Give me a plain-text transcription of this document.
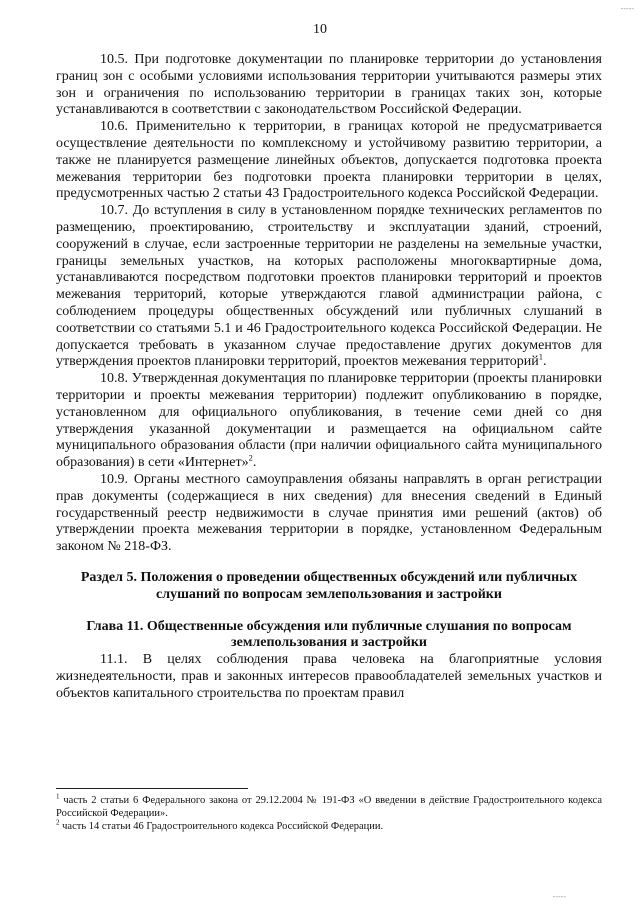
-----
10

10.5. При подготовке документации по планировке территории до установления границ зон с особыми условиями использования территории учитываются размеры этих зон и ограничения по использованию территории в границах таких зон, которые устанавливаются в соответствии с законодательством Российской Федерации.

10.6. Применительно к территории, в границах которой не предусматривается осуществление деятельности по комплексному и устойчивому развитию территории, а также не планируется размещение линейных объектов, допускается подготовка проекта межевания территории без подготовки проекта планировки территории в целях, предусмотренных частью 2 статьи 43 Градостроительного кодекса Российской Федерации.

10.7. До вступления в силу в установленном порядке технических регламентов по размещению, проектированию, строительству и эксплуатации зданий, строений, сооружений в случае, если застроенные территории не разделены на земельные участки, границы земельных участков, на которых расположены многоквартирные дома, устанавливаются посредством подготовки проектов планировки территорий и проектов межевания территорий, которые утверждаются главой администрации района, с соблюдением процедуры общественных обсуждений или публичных слушаний в соответствии со статьями 5.1 и 46 Градостроительного кодекса Российской Федерации. Не допускается требовать в указанном случае предоставление других документов для утверждения проектов планировки территорий, проектов межевания территорий$^1$.

10.8. Утвержденная документация по планировке территории (проекты планировки территории и проекты межевания территории) подлежит опубликованию в порядке, установленном для официального опубликования, в течение семи дней со дня утверждения указанной документации и размещается на официальном сайте муниципального образования области (при наличии официального сайта муниципального образования) в сети «Интернет»$^2$.

10.9. Органы местного самоуправления обязаны направлять в орган регистрации прав документы (содержащиеся в них сведения) для внесения сведений в Единый государственный реестр недвижимости в случае принятия ими решений (актов) об утверждении проекта межевания территории в порядке, установленном Федеральным законом № 218-ФЗ.

Раздел 5. Положения о проведении общественных обсуждений или публичных слушаний по вопросам землепользования и застройки

Глава 11. Общественные обсуждения или публичные слушания по вопросам землепользования и застройки

11.1. В целях соблюдения права человека на благоприятные условия жизнедеятельности, прав и законных интересов правообладателей земельных участков и объектов капитального строительства по проектам правил

$^1$ часть 2 статьи 6 Федерального закона от 29.12.2004 № 191-ФЗ «О введении в действие Градостроительного кодекса Российской Федерации».

$^2$ часть 14 статьи 46 Градостроительного кодекса Российской Федерации.

-----
